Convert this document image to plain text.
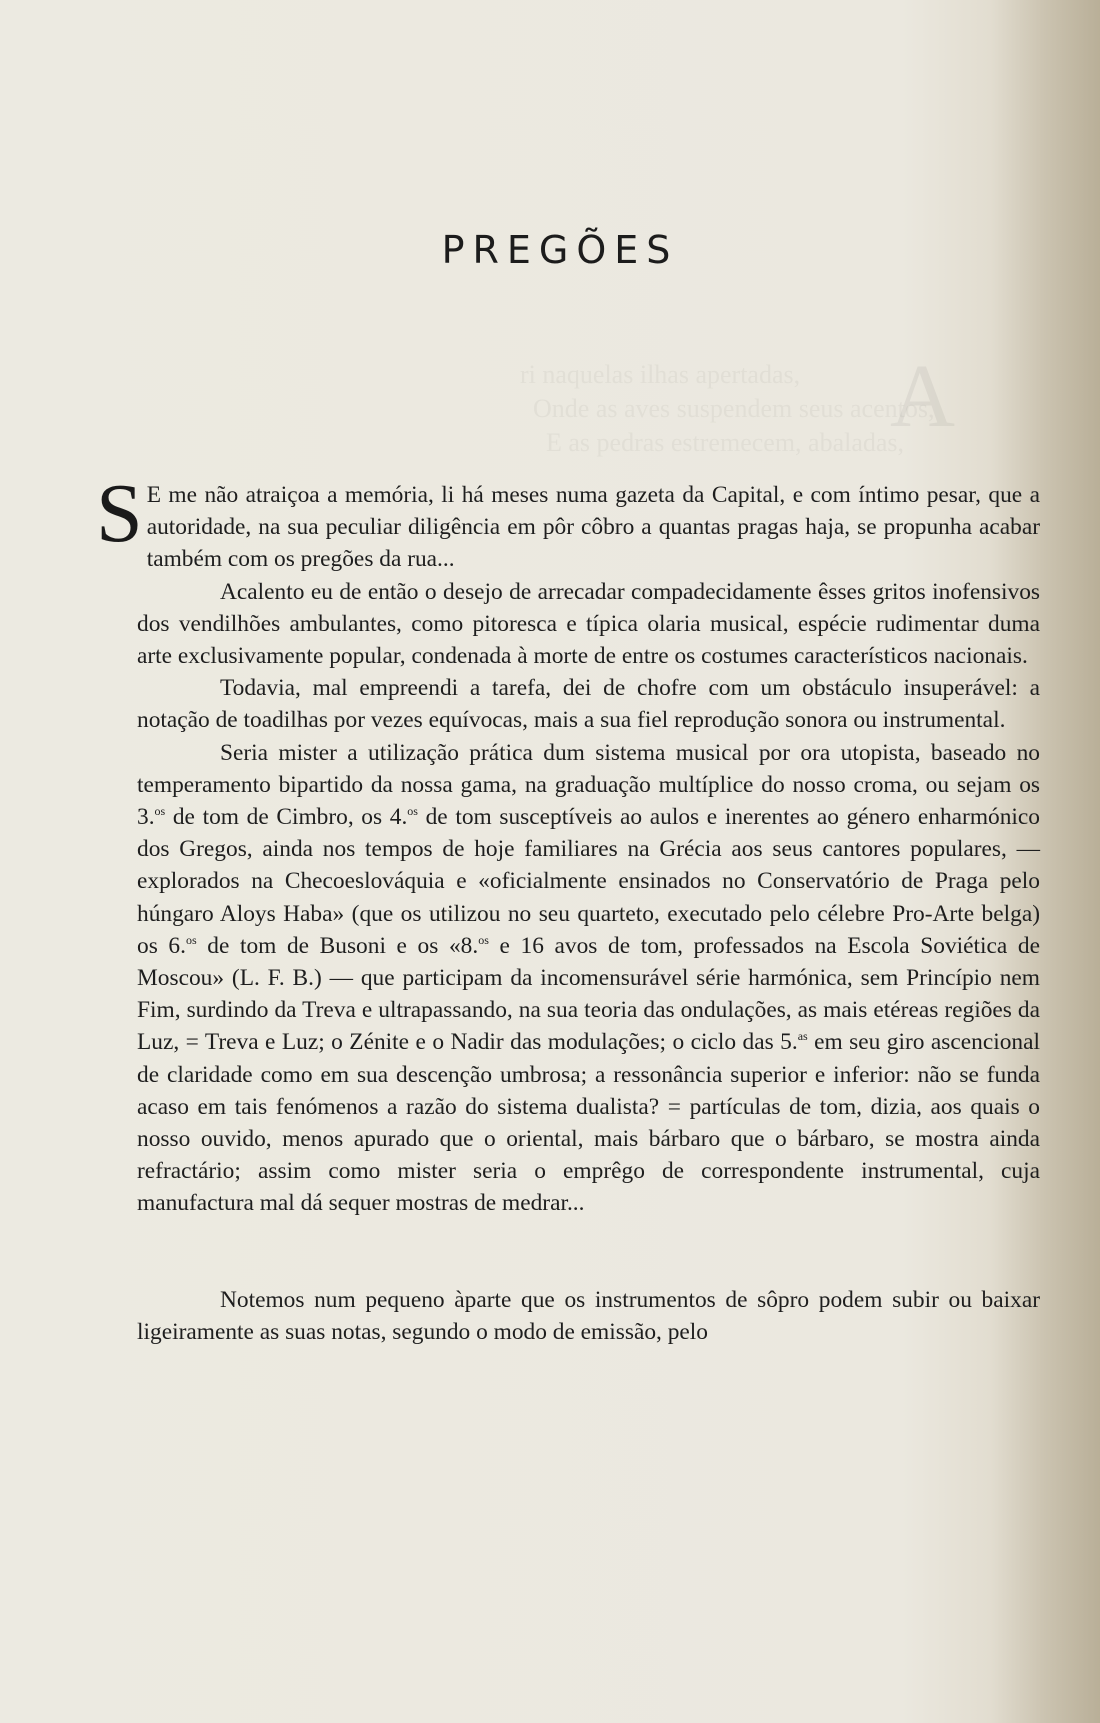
A
ri naquelas ilhas apertadas,
Onde as aves suspendem seus acentos,
E as pedras estremecem, abaladas,
PREGÕES

S E me não atraiçoa a memória, li há meses numa gazeta da Capital, e com íntimo pesar, que a autoridade, na sua peculiar diligência em pôr côbro a quantas pragas haja, se propunha acabar também com os pregões da rua...

Acalento eu de então o desejo de arrecadar compadecidamente êsses gritos inofensivos dos vendilhões ambulantes, como pitoresca e típica olaria musical, espécie rudimentar duma arte exclusivamente popular, condenada à morte de entre os costumes característicos nacionais.

Todavia, mal empreendi a tarefa, dei de chofre com um obstáculo insuperável: a notação de toadilhas por vezes equívocas, mais a sua fiel reprodução sonora ou instrumental.

Seria mister a utilização prática dum sistema musical por ora utopista, baseado no temperamento bipartido da nossa gama, na graduação multíplice do nosso croma, ou sejam os 3.$^{os}$ de tom de Cimbro, os 4.$^{os}$ de tom susceptíveis ao aulos e inerentes ao género enharmónico dos Gregos, ainda nos tempos de hoje familiares na Grécia aos seus cantores populares, — explorados na Checoeslováquia e «oficialmente ensinados no Conservatório de Praga pelo húngaro Aloys Haba» (que os utilizou no seu quarteto, executado pelo célebre Pro-Arte belga) os 6.$^{os}$ de tom de Busoni e os «8.$^{os}$ e 16 avos de tom, professados na Escola Soviética de Moscou» (L. F. B.) — que participam da incomensurável série harmónica, sem Princípio nem Fim, surdindo da Treva e ultrapassando, na sua teoria das ondulações, as mais etéreas regiões da Luz, = Treva e Luz; o Zénite e o Nadir das modulações; o ciclo das 5.$^{as}$ em seu giro ascencional de claridade como em sua descenção umbrosa; a ressonância superior e inferior: não se funda acaso em tais fenómenos a razão do sistema dualista? = partículas de tom, dizia, aos quais o nosso ouvido, menos apurado que o oriental, mais bárbaro que o bárbaro, se mostra ainda refractário; assim como mister seria o emprêgo de correspondente instrumental, cuja manufactura mal dá sequer mostras de medrar...

Notemos num pequeno àparte que os instrumentos de sôpro podem subir ou baixar ligeiramente as suas notas, segundo o modo de emissão, pelo
